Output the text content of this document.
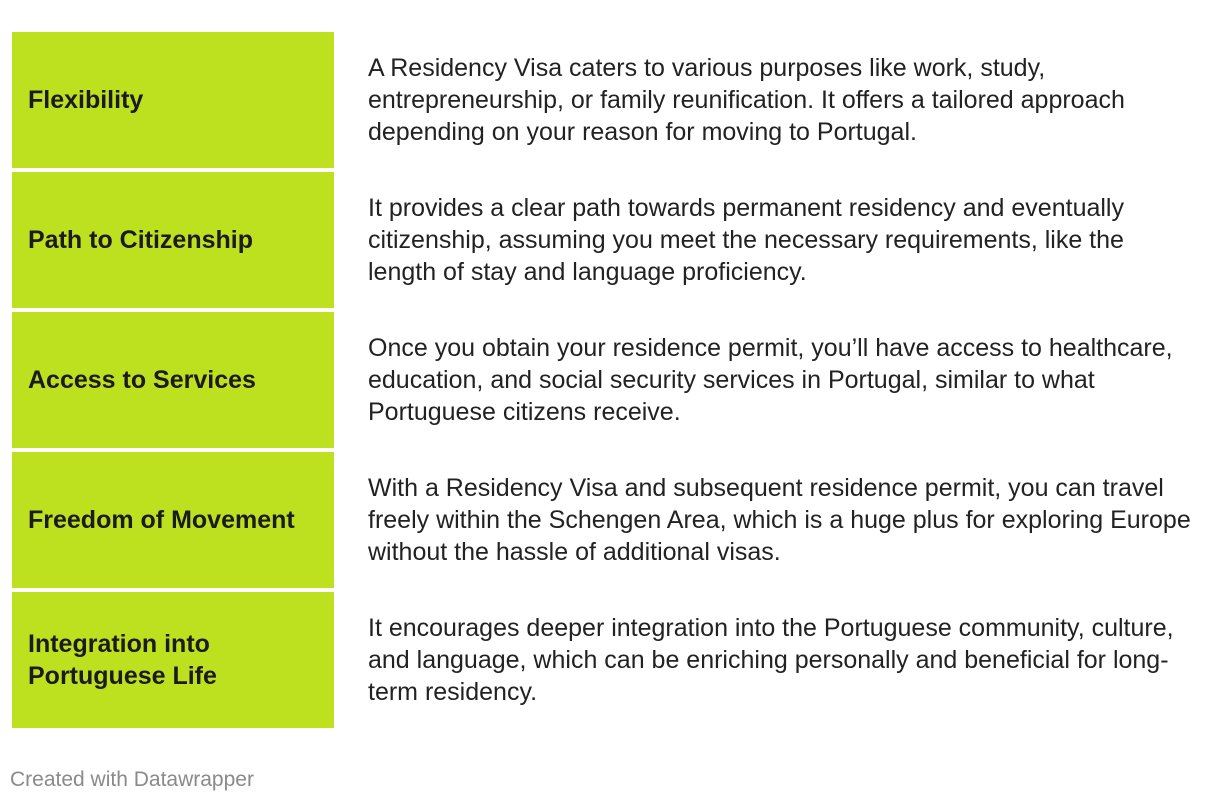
Flexibility
A Residency Visa caters to various purposes like work, study, entrepreneurship, or family reunification. It offers a tailored approach depending on your reason for moving to Portugal.
Path to Citizenship
It provides a clear path towards permanent residency and eventually citizenship, assuming you meet the necessary requirements, like the length of stay and language proficiency.
Access to Services
Once you obtain your residence permit, you’ll have access to healthcare, education, and social security services in Portugal, similar to what Portuguese citizens receive.
Freedom of Movement
With a Residency Visa and subsequent residence permit, you can travel freely within the Schengen Area, which is a huge plus for exploring Europe without the hassle of additional visas.
Integration into Portuguese Life
It encourages deeper integration into the Portuguese community, culture, and language, which can be enriching personally and beneficial for long-term residency.
Created with Datawrapper
